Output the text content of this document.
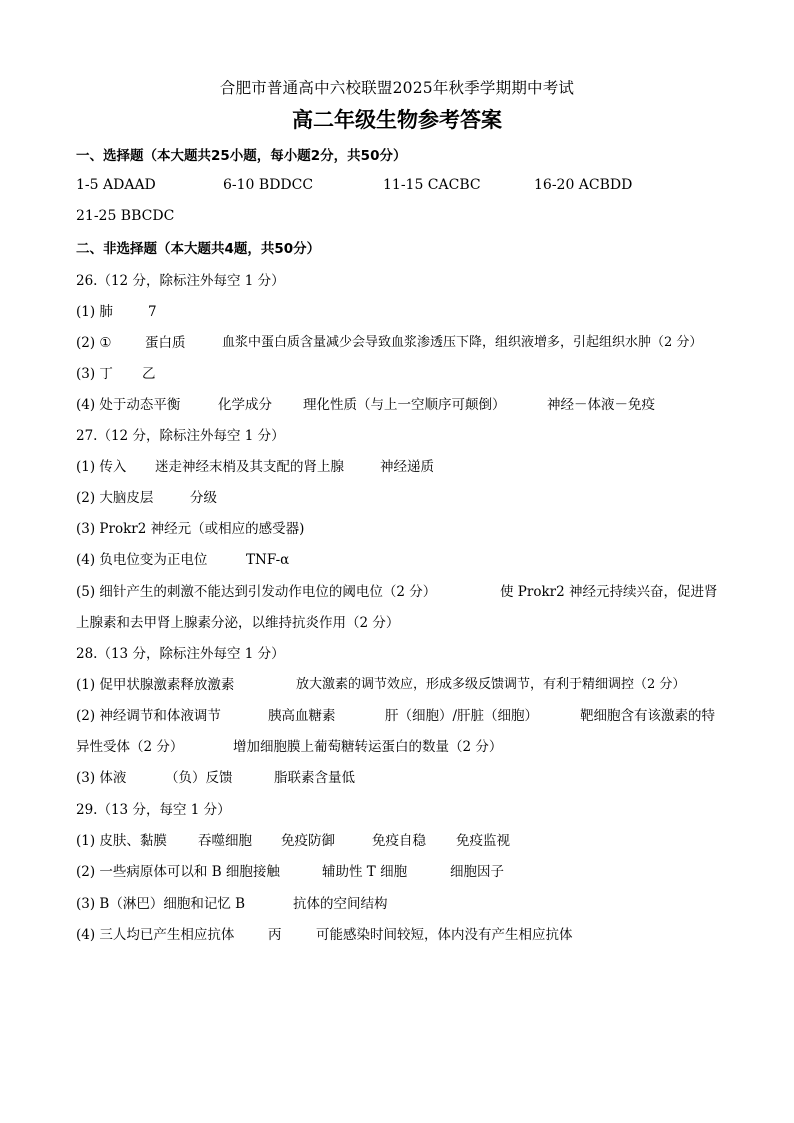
合肥市普通高中六校联盟2025年秋季学期期中考试
高二年级生物参考答案
一、选择题（本大题共25小题，每小题2分，共50分）
1-5 ADAAD	6-10 BDDCC	11-15 CACBC	16-20 ACBDD
21-25 BBCDC
二、非选择题（本大题共4题，共50分）
26.（12 分，除标注外每空 1 分）
(1) 肺	7
(2) ① 蛋白质	血浆中蛋白质含量减少会导致血浆渗透压下降，组织液增多，引起组织水肿（2 分）
(3) 丁 乙
(4) 处于动态平衡	化学成分 理化性质（与上一空顺序可颠倒）	神经－体液－免疫
27.（12 分，除标注外每空 1 分）
(1) 传入 迷走神经末梢及其支配的肾上腺	神经递质
(2) 大脑皮层	分级
(3) Prokr2 神经元（或相应的感受器)
(4) 负电位变为正电位	TNF-α
(5) 细针产生的刺激不能达到引发动作电位的阈电位（2 分）	使 Prokr2 神经元持续兴奋，促进肾
上腺素和去甲肾上腺素分泌，以维持抗炎作用（2 分）
28.（13 分，除标注外每空 1 分）
(1) 促甲状腺激素释放激素	放大激素的调节效应，形成多级反馈调节，有利于精细调控（2 分）
(2) 神经调节和体液调节	胰高血糖素	肝（细胞）/肝脏（细胞）	靶细胞含有该激素的特
异性受体（2 分）	增加细胞膜上葡萄糖转运蛋白的数量（2 分）
(3) 体液	（负）反馈	脂联素含量低
29.（13 分，每空 1 分）
(1) 皮肤、黏膜 吞噬细胞 免疫防御	免疫自稳 免疫监视
(2) 一些病原体可以和 B 细胞接触	辅助性 T 细胞	细胞因子
(3) B（淋巴）细胞和记忆 B	抗体的空间结构
(4) 三人均已产生相应抗体 丙	可能感染时间较短，体内没有产生相应抗体
